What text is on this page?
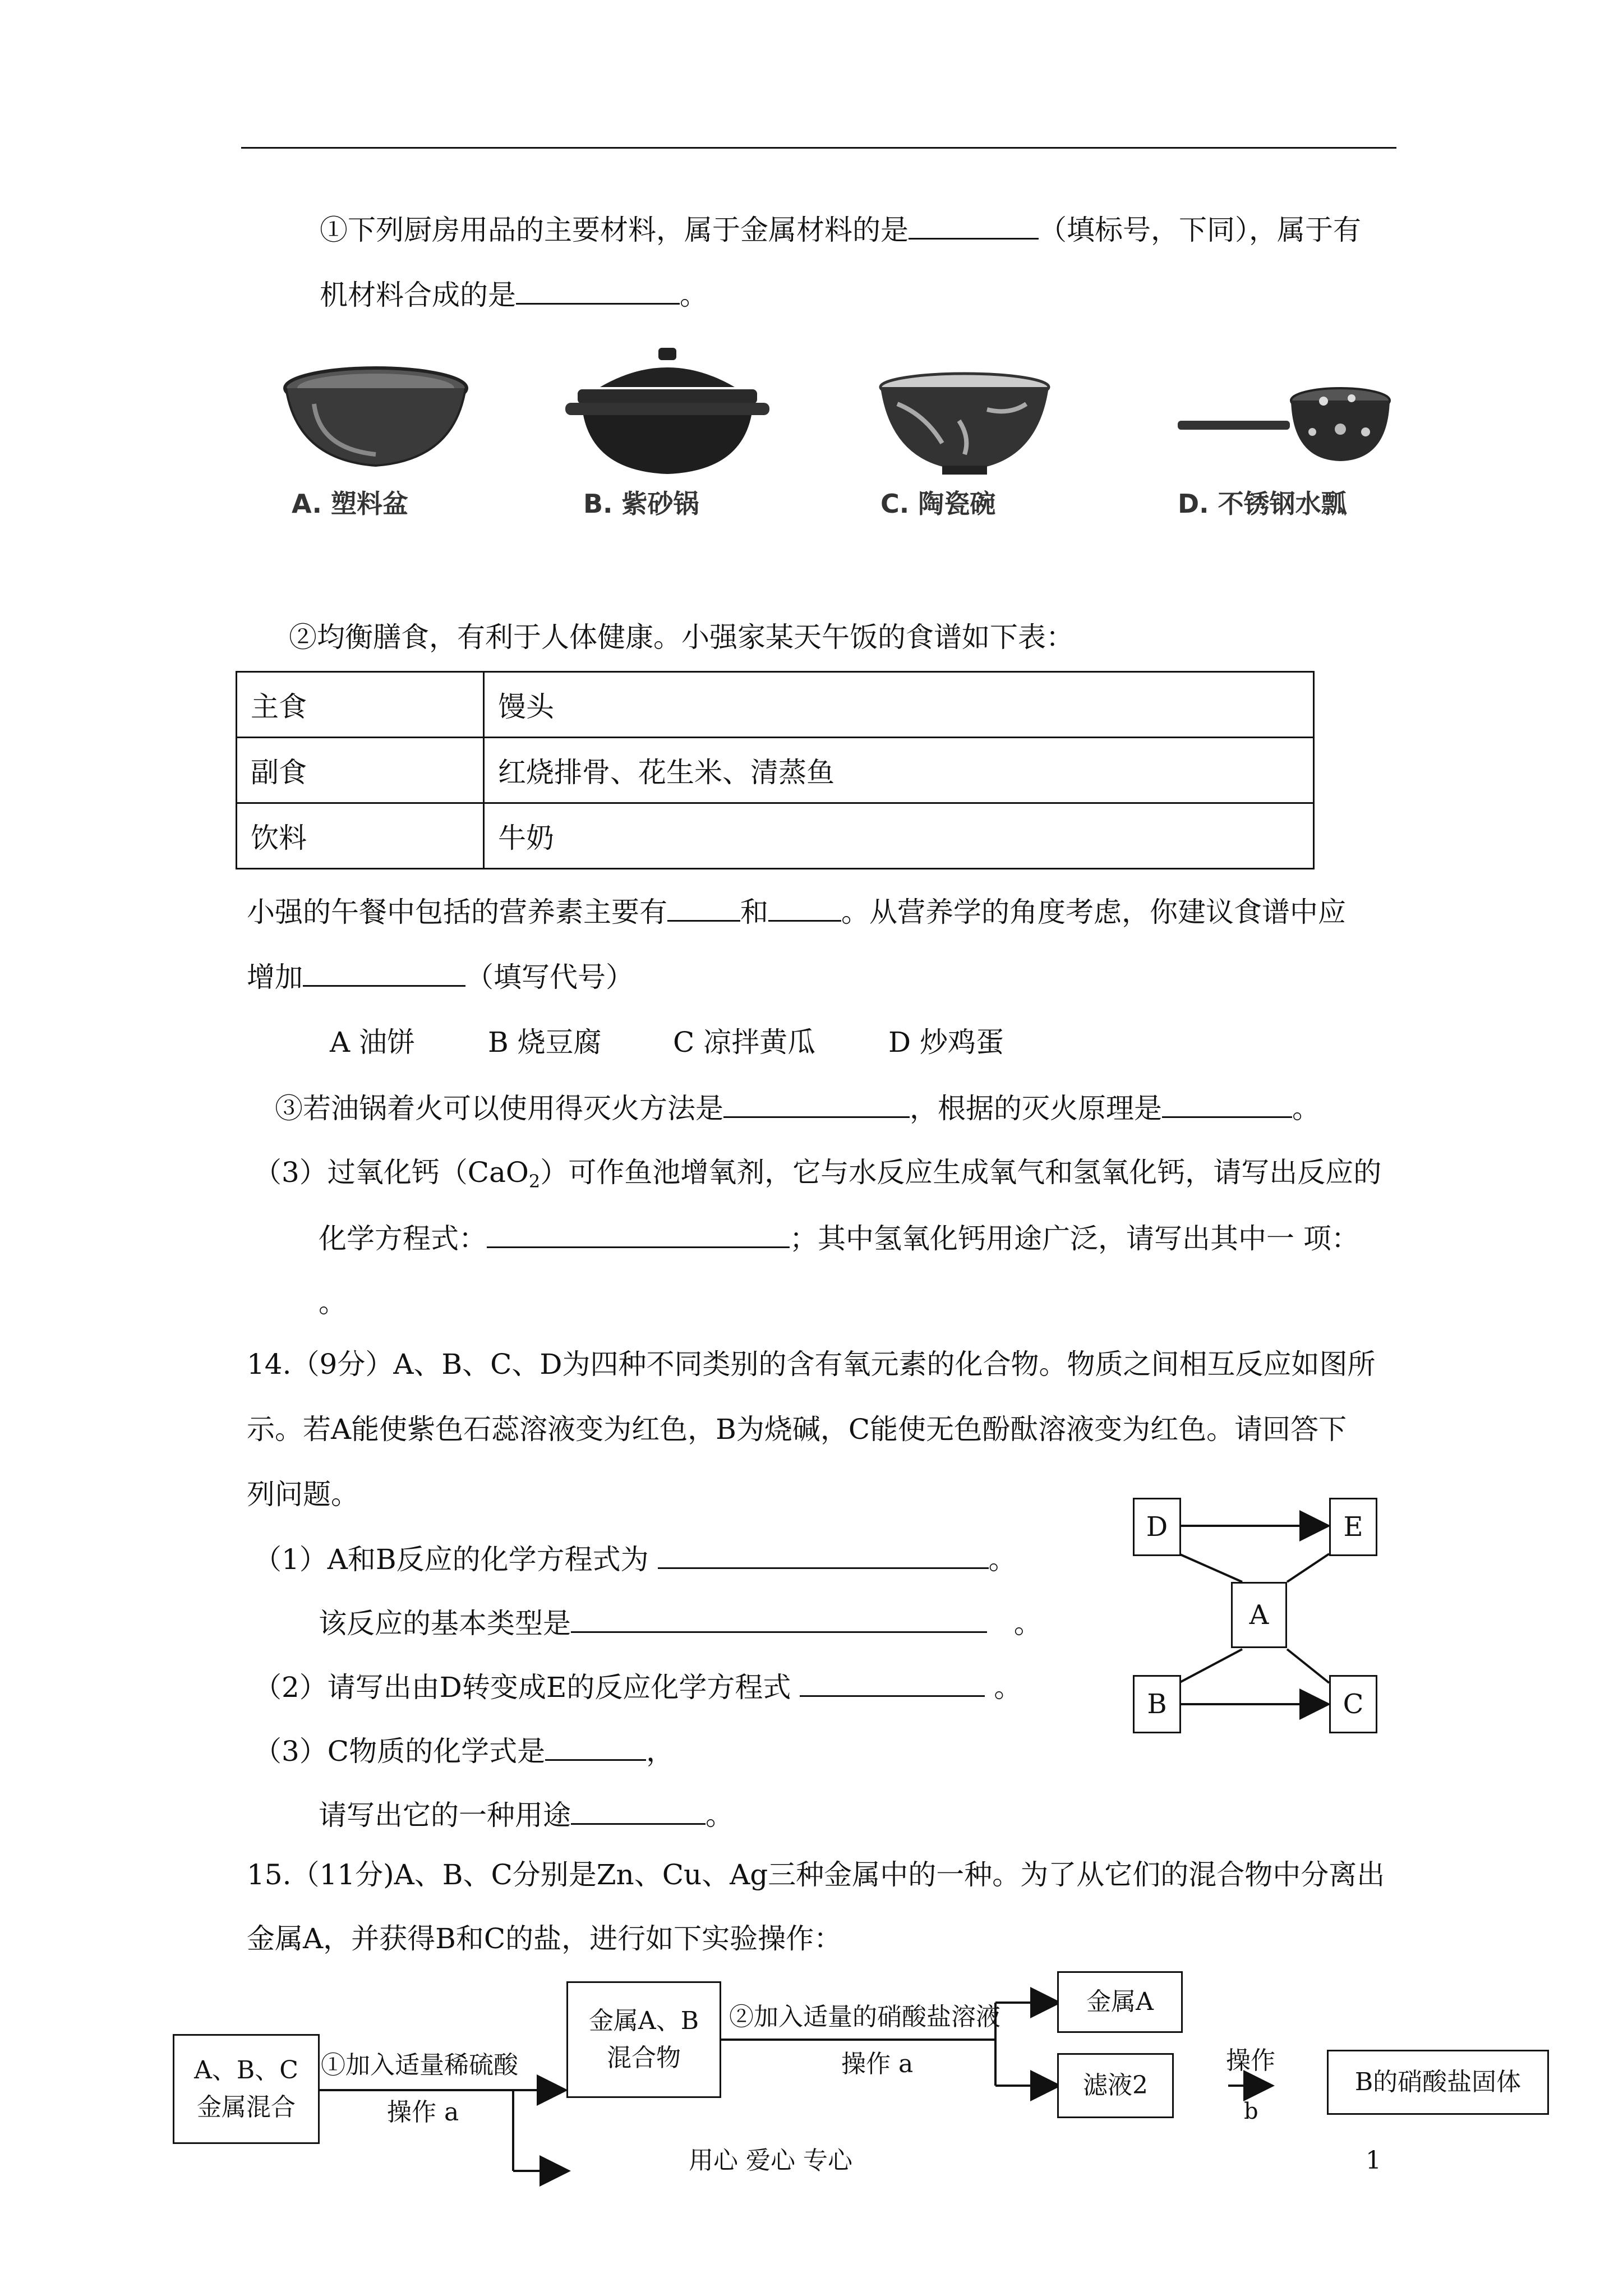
①下列厨房用品的主要材料，属于金属材料的是	（填标号，下同），属于有
机材料合成的是	。
A. 塑料盆	B. 紫砂锅	C. 陶瓷碗	D. 不锈钢水瓢
②均衡膳食，有利于人体健康。小强家某天午饭的食谱如下表：
主食	馒头
副食	红烧排骨、花生米、清蒸鱼
饮料	牛奶
小强的午餐中包括的营养素主要有	和	。从营养学的角度考虑，你建议食谱中应
增加	（填写代号）
A 油饼	B 烧豆腐	C 凉拌黄瓜	D 炒鸡蛋
③若油锅着火可以使用得灭火方法是	，根据的灭火原理是	。
（3）过氧化钙（CaO$_2$）可作鱼池增氧剂，它与水反应生成氧气和氢氧化钙，请写出反应的
化学方程式：	；其中氢氧化钙用途广泛，请写出其中一 项：
。
14.（9分）A、B、C、D为四种不同类别的含有氧元素的化合物。物质之间相互反应如图所
示。若A能使紫色石蕊溶液变为红色，B为烧碱，C能使无色酚酞溶液变为红色。请回答下
列问题。
（1）A和B反应的化学方程式为	。
该反应的基本类型是	。
（2）请写出由D转变成E的反应化学方程式	。
（3）C物质的化学式是	，
请写出它的一种用途	。
D	E
A
B	C
15.（11分)A、B、C分别是Zn、Cu、Ag三种金属中的一种。为了从它们的混合物中分离出
金属A，并获得B和C的盐，进行如下实验操作：
A、B、C
金属混合
①加入适量稀硫酸
操作 a
金属A、B
混合物
②加入适量的硝酸盐溶液
操作 a
金属A
滤液2
操作
b
B的硝酸盐固体
用心 爱心 专心	1
